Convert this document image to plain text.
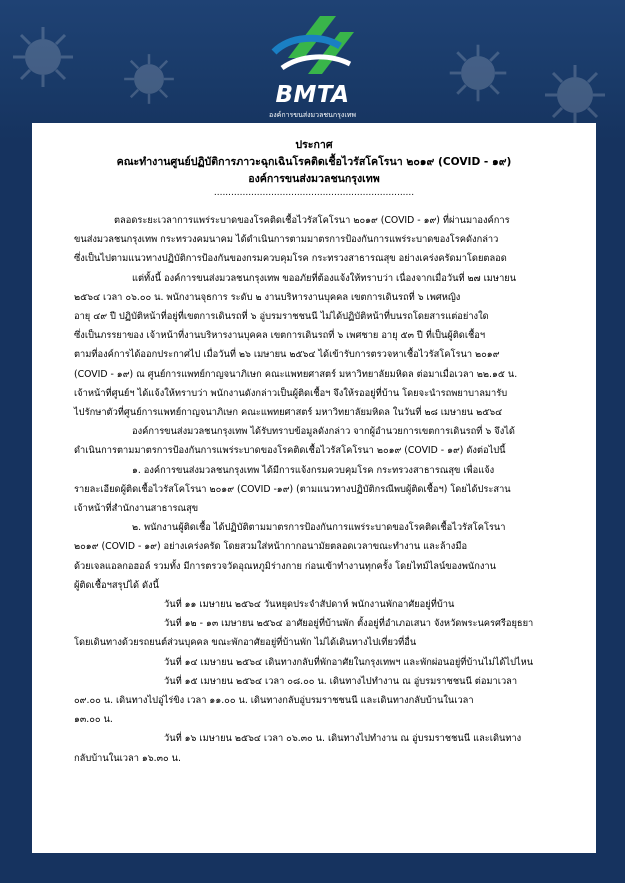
BMTA
องค์การขนส่งมวลชนกรุงเทพ
ประกาศ
คณะทำงานศูนย์ปฏิบัติการภาวะฉุกเฉินโรคติดเชื้อไวรัสโคโรนา ๒๐๑๙ (COVID - ๑๙)
องค์การขนส่งมวลชนกรุงเทพ
......................................................................

ตลอดระยะเวลาการแพร่ระบาดของโรคติดเชื้อไวรัสโคโรนา ๒๐๑๙ (COVID - ๑๙) ที่ผ่านมาองค์การ
ขนส่งมวลชนกรุงเทพ กระทรวงคมนาคม ได้ดำเนินการตามมาตรการป้องกันการแพร่ระบาดของโรคดังกล่าว
ซึ่งเป็นไปตามแนวทางปฏิบัติการป้องกันของกรมควบคุมโรค กระทรวงสาธารณสุข อย่างเคร่งครัดมาโดยตลอด

แต่ทั้งนี้ องค์การขนส่งมวลชนกรุงเทพ ขออภัยที่ต้องแจ้งให้ทราบว่า เนื่องจากเมื่อวันที่ ๒๗ เมษายน
๒๕๖๔ เวลา ๐๖.๐๐ น. พนักงานจุธการ ระดับ ๒ งานบริหารงานบุคคล เขตการเดินรถที่ ๖ เพศหญิง
อายุ ๔๙ ปี ปฏิบัติหน้าที่อยู่ที่เขตการเดินรถที่ ๖ อู่บรมราชชนนี ไม่ได้ปฏิบัติหน้าที่บนรถโดยสารแต่อย่างใด
ซึ่งเป็นภรรยาของ เจ้าหน้าที่งานบริหารงานบุคคล เขตการเดินรถที่ ๖ เพศชาย อายุ ๕๓ ปี ที่เป็นผู้ติดเชื้อฯ
ตามที่องค์การได้ออกประกาศไป เมื่อวันที่ ๒๖ เมษายน ๒๕๖๔ ได้เข้ารับการตรวจหาเชื้อไวรัสโคโรนา ๒๐๑๙
(COVID - ๑๙) ณ ศูนย์การแพทย์กาญจนาภิเษก คณะแพทยศาสตร์ มหาวิทยาลัยมหิดล ต่อมาเมื่อเวลา ๒๒.๑๕ น.
เจ้าหน้าที่ศูนย์ฯ ได้แจ้งให้ทราบว่า พนักงานดังกล่าวเป็นผู้ติดเชื้อฯ จึงให้รออยู่ที่บ้าน โดยจะนำรถพยาบาลมารับ
ไปรักษาตัวที่ศูนย์การแพทย์กาญจนาภิเษก คณะแพทยศาสตร์ มหาวิทยาลัยมหิดล ในวันที่ ๒๘ เมษายน ๒๕๖๔

องค์การขนส่งมวลชนกรุงเทพ ได้รับทราบข้อมูลดังกล่าว จากผู้อำนวยการเขตการเดินรถที่ ๖ จึงได้
ดำเนินการตามมาตรการป้องกันการแพร่ระบาดของโรคติดเชื้อไวรัสโคโรนา ๒๐๑๙ (COVID - ๑๙) ดังต่อไปนี้

๑. องค์การขนส่งมวลชนกรุงเทพ ได้มีการแจ้งกรมควบคุมโรค กระทรวงสาธารณสุข เพื่อแจ้ง
รายละเอียดผู้ติดเชื้อไวรัสโคโรนา ๒๐๑๙ (COVID -๑๙) (ตามแนวทางปฏิบัติกรณีพบผู้ติดเชื้อฯ) โดยได้ประสาน
เจ้าหน้าที่สำนักงานสาธารณสุข

๒. พนักงานผู้ติดเชื้อ ได้ปฏิบัติตามมาตรการป้องกันการแพร่ระบาดของโรคติดเชื้อไวรัสโคโรนา
๒๐๑๙ (COVID - ๑๙) อย่างเคร่งครัด โดยสวมใส่หน้ากากอนามัยตลอดเวลาขณะทำงาน และล้างมือ
ด้วยเจลแอลกอฮอล์ รวมทั้ง มีการตรวจวัดอุณหภูมิร่างกาย ก่อนเข้าทำงานทุกครั้ง โดยไทม์ไลน์ของพนักงาน
ผู้ติดเชื้อฯสรุปได้ ดังนี้

วันที่ ๑๑ เมษายน ๒๕๖๔ วันหยุดประจำสัปดาห์ พนักงานพักอาศัยอยู่ที่บ้าน

วันที่ ๑๒ - ๑๓ เมษายน ๒๕๖๔ อาศัยอยู่ที่บ้านพัก ตั้งอยู่ที่อำเภอเสนา จังหวัดพระนครศรีอยุธยา
โดยเดินทางด้วยรถยนต์ส่วนบุคคล ขณะพักอาศัยอยู่ที่บ้านพัก ไม่ได้เดินทางไปเที่ยวที่อื่น

วันที่ ๑๔ เมษายน ๒๕๖๔ เดินทางกลับที่พักอาศัยในกรุงเทพฯ และพักผ่อนอยู่ที่บ้านไม่ได้ไปไหน

วันที่ ๑๕ เมษายน ๒๕๖๔ เวลา ๐๘.๐๐ น. เดินทางไปทำงาน ณ อู่บรมราชชนนี ต่อมาเวลา
๐๙.๐๐ น. เดินทางไปอู่ไร่ขิง เวลา ๑๑.๐๐ น. เดินทางกลับอู่บรมราชชนนี และเดินทางกลับบ้านในเวลา
๑๓.๐๐ น.

วันที่ ๑๖ เมษายน ๒๕๖๔ เวลา ๐๖.๓๐ น. เดินทางไปทำงาน ณ อู่บรมราชชนนี และเดินทาง
กลับบ้านในเวลา ๑๖.๓๐ น.
